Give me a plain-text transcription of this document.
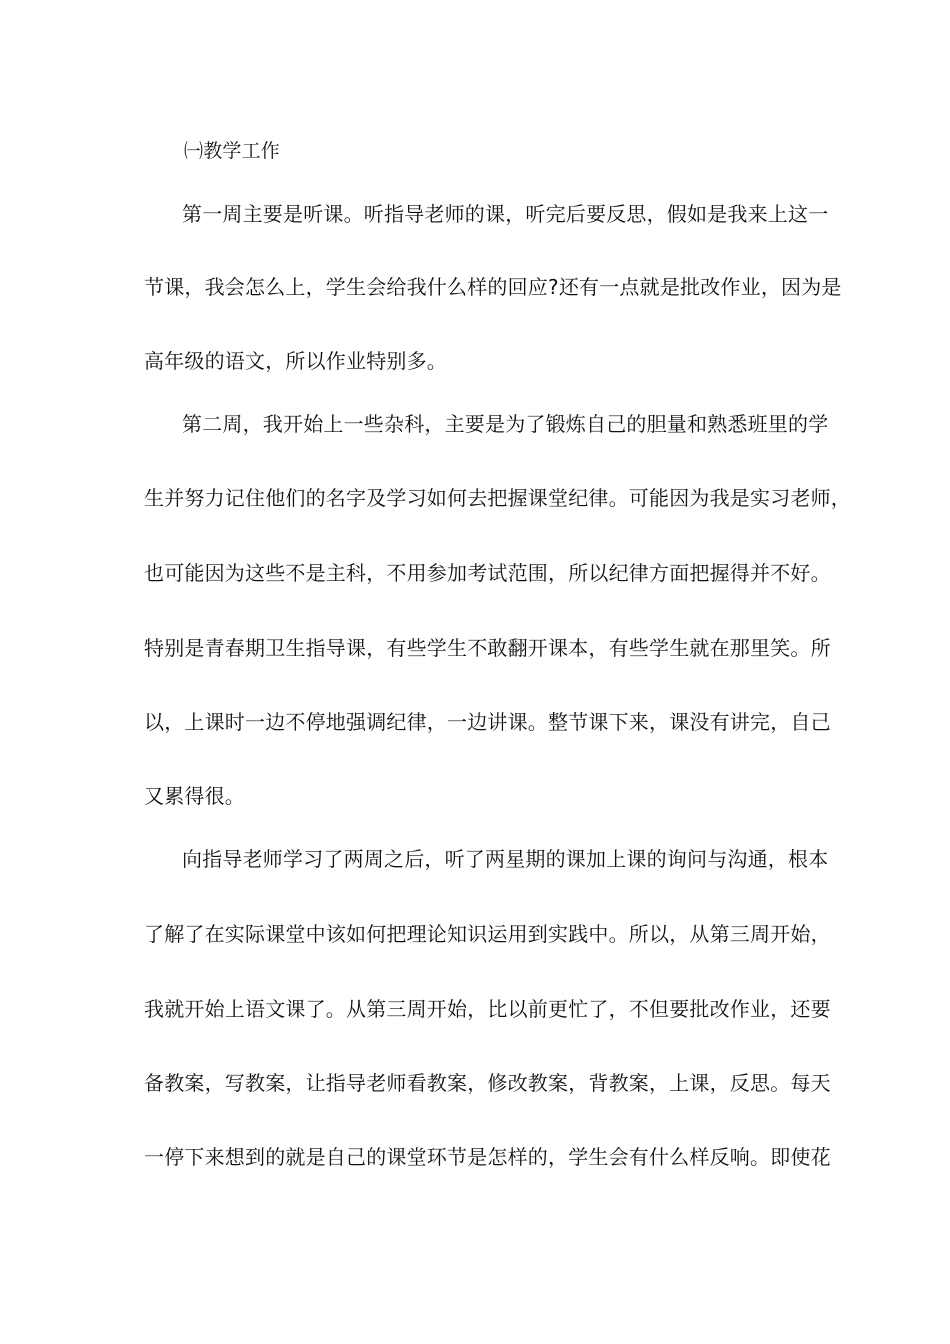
㈠教学工作
第一周主要是听课。听指导老师的课，听完后要反思，假如是我来上这一
节课，我会怎么上，学生会给我什么样的回应?还有一点就是批改作业，因为是
高年级的语文，所以作业特别多。
第二周，我开始上一些杂科，主要是为了锻炼自己的胆量和熟悉班里的学
生并努力记住他们的名字及学习如何去把握课堂纪律。可能因为我是实习老师，
也可能因为这些不是主科，不用参加考试范围，所以纪律方面把握得并不好。
特别是青春期卫生指导课，有些学生不敢翻开课本，有些学生就在那里笑。所
以，上课时一边不停地强调纪律，一边讲课。整节课下来，课没有讲完，自己
又累得很。
向指导老师学习了两周之后，听了两星期的课加上课的询问与沟通，根本
了解了在实际课堂中该如何把理论知识运用到实践中。所以，从第三周开始，
我就开始上语文课了。从第三周开始，比以前更忙了，不但要批改作业，还要
备教案，写教案，让指导老师看教案，修改教案，背教案，上课，反思。每天
一停下来想到的就是自己的课堂环节是怎样的，学生会有什么样反响。即使花
